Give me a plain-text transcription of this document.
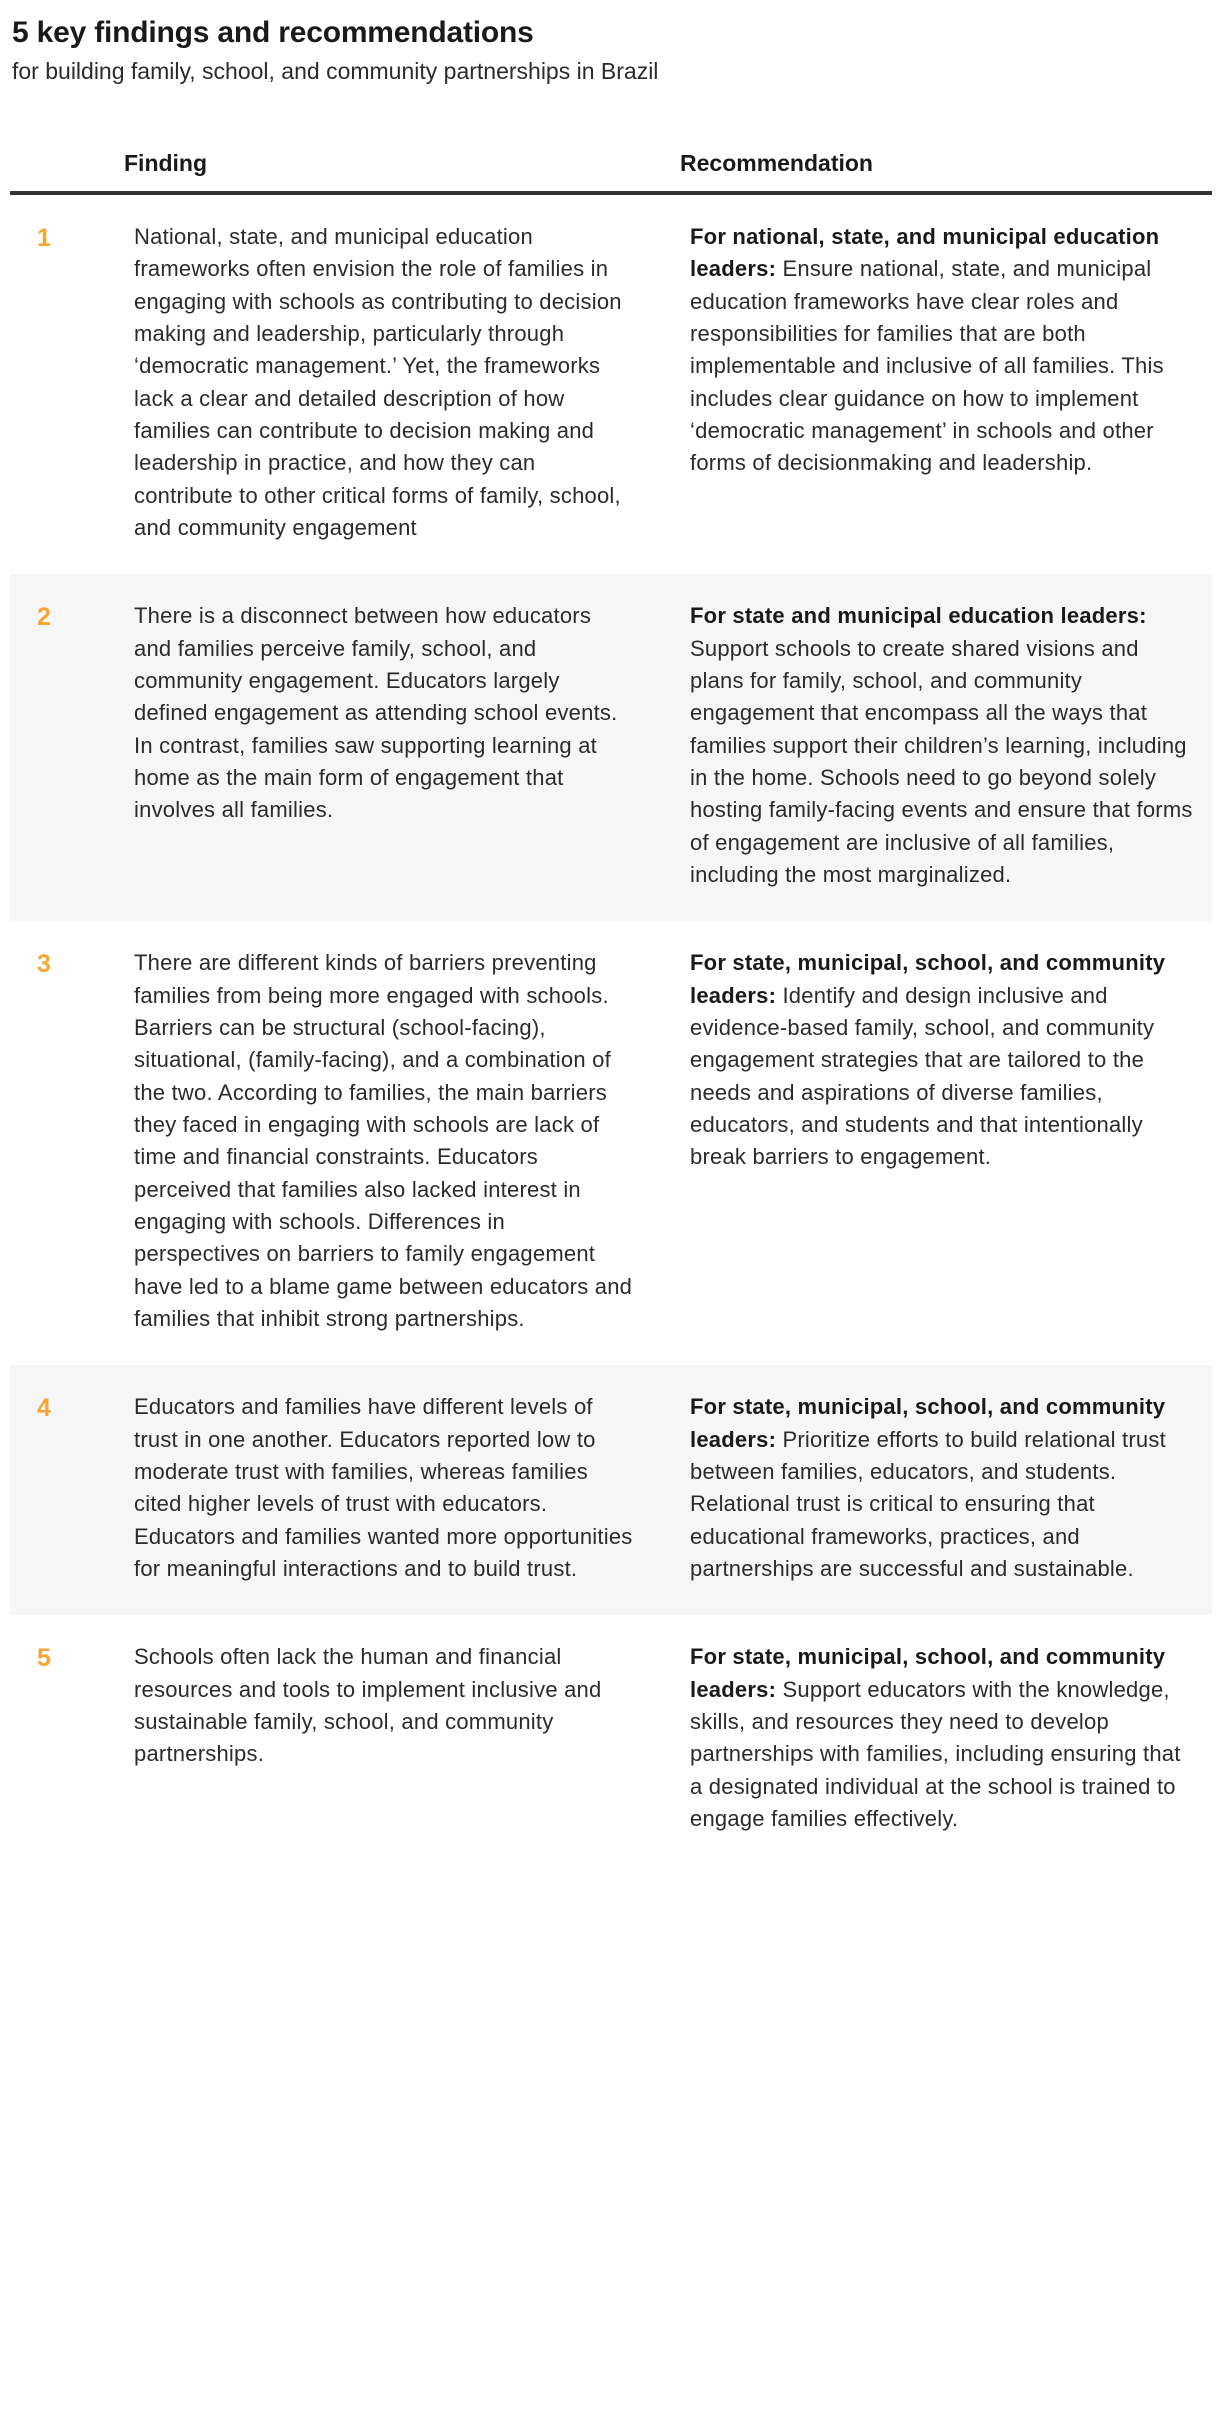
5 key findings and recommendations

for building family, school, and community partnerships in Brazil

Finding	Recommendation
1	National, state, and municipal education frameworks often envision the role of families in engaging with schools as contributing to decision making and leadership, particularly through ‘democratic management.’ Yet, the frameworks lack a clear and detailed description of how families can contribute to decision making and leadership in practice, and how they can contribute to other critical forms of family, school, and community engagement
For national, state, and municipal education leaders: Ensure national, state, and municipal education frameworks have clear roles and responsibilities for families that are both implementable and inclusive of all families. This includes clear guidance on how to implement ‘democratic management’ in schools and other forms of decisionmaking and leadership.
2	There is a disconnect between how educators and families perceive family, school, and community engagement. Educators largely defined engagement as attending school events. In contrast, families saw supporting learning at home as the main form of engagement that involves all families.
For state and municipal education leaders: Support schools to create shared visions and plans for family, school, and community engagement that encompass all the ways that families support their children’s learning, including in the home. Schools need to go beyond solely hosting family-facing events and ensure that forms of engagement are inclusive of all families, including the most marginalized.
3	There are different kinds of barriers preventing families from being more engaged with schools. Barriers can be structural (school-facing), situational, (family-facing), and a combination of the two. According to families, the main barriers they faced in engaging with schools are lack of time and financial constraints. Educators perceived that families also lacked interest in engaging with schools. Differences in perspectives on barriers to family engagement have led to a blame game between educators and families that inhibit strong partnerships.
For state, municipal, school, and community leaders: Identify and design inclusive and evidence-based family, school, and community engagement strategies that are tailored to the needs and aspirations of diverse families, educators, and students and that intentionally break barriers to engagement.
4	Educators and families have different levels of trust in one another. Educators reported low to moderate trust with families, whereas families cited higher levels of trust with educators. Educators and families wanted more opportunities for meaningful interactions and to build trust.
For state, municipal, school, and community leaders: Prioritize efforts to build relational trust between families, educators, and students. Relational trust is critical to ensuring that educational frameworks, practices, and partnerships are successful and sustainable.
5	Schools often lack the human and financial resources and tools to implement inclusive and sustainable family, school, and community partnerships.
For state, municipal, school, and community leaders: Support educators with the knowledge, skills, and resources they need to develop partnerships with families, including ensuring that a designated individual at the school is trained to engage families effectively.
